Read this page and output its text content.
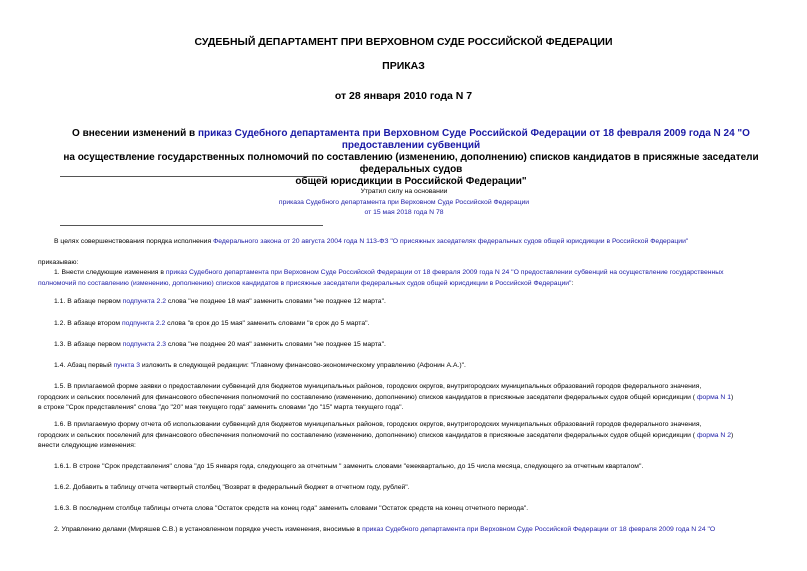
СУДЕБНЫЙ ДЕПАРТАМЕНТ ПРИ ВЕРХОВНОМ СУДЕ РОССИЙСКОЙ ФЕДЕРАЦИИ
ПРИКАЗ
от 28 января 2010 года N 7
О внесении изменений в приказ Судебного департамента при Верховном Суде Российской Федерации от 18 февраля 2009 года N 24 "О предоставлении субвенций
на осуществление государственных полномочий по составлению (изменению, дополнению) списков кандидатов в присяжные заседатели федеральных судов
общей юрисдикции в Российской Федерации"
Утратил силу на основании
приказа Судебного департамента при Верховном Суде Российской Федерации
от 15 мая 2018 года N 78
В целях совершенствования порядка исполнения Федерального закона от 20 августа 2004 года N 113-ФЗ "О присяжных заседателях федеральных судов общей юрисдикции в Российской Федерации"
приказываю:
1. Внести следующие изменения в приказ Судебного департамента при Верховном Суде Российской Федерации от 18 февраля 2009 года N 24 "О предоставлении субвенций на осуществление государственных
полномочий по составлению (изменению, дополнению) списков кандидатов в присяжные заседатели федеральных судов общей юрисдикции в Российской Федерации":
1.1. В абзаце первом подпункта 2.2 слова "не позднее 18 мая" заменить словами "не позднее 12 марта".
1.2. В абзаце втором подпункта 2.2 слова "в срок до 15 мая" заменить словами "в срок до 5 марта".
1.3. В абзаце первом подпункта 2.3 слова "не позднее 20 мая" заменить словами "не позднее 15 марта".
1.4. Абзац первый пункта 3 изложить в следующей редакции: "Главному финансово-экономическому управлению (Афонин А.А.)".
1.5. В прилагаемой форме заявки о предоставлении субвенций для бюджетов муниципальных районов, городских округов, внутригородских муниципальных образований городов федерального значения,
городских и сельских поселений для финансового обеспечения полномочий по составлению (изменению, дополнению) списков кандидатов в присяжные заседатели федеральных судов общей юрисдикции ( форма N 1)
в строке "Срок представления" слова "до "20" мая текущего года" заменить словами "до "15" марта текущего года".
1.6. В прилагаемую форму отчета об использовании субвенций для бюджетов муниципальных районов, городских округов, внутригородских муниципальных образований городов федерального значения,
городских и сельских поселений для финансового обеспечения полномочий по составлению (изменению, дополнению) списков кандидатов в присяжные заседатели федеральных судов общей юрисдикции ( форма N 2)
внести следующие изменения:
1.6.1. В строке "Срок представления" слова "до 15 января года, следующего за отчетным " заменить словами "ежеквартально, до 15 числа месяца, следующего за отчетным кварталом".
1.6.2. Добавить в таблицу отчета четвертый столбец "Возврат в федеральный бюджет в отчетном году, рублей".
1.6.3. В последнем столбце таблицы отчета слова "Остаток средств на конец года" заменить словами "Остаток средств на конец отчетного периода".
2. Управлению делами (Миряшев С.В.) в установленном порядке учесть изменения, вносимые в приказ Судебного департамента при Верховном Суде Российской Федерации от 18 февраля 2009 года N 24 "О
